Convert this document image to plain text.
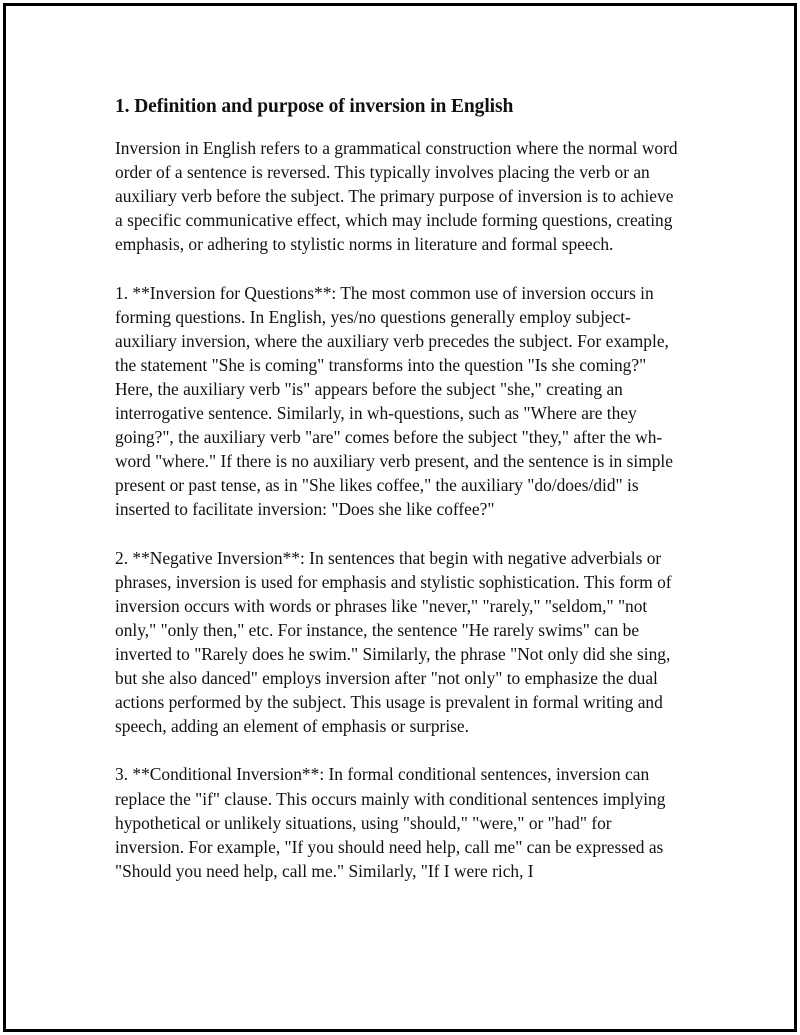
1. Definition and purpose of inversion in English

Inversion in English refers to a grammatical construction where the normal word order of a sentence is reversed. This typically involves placing the verb or an auxiliary verb before the subject. The primary purpose of inversion is to achieve a specific communicative effect, which may include forming questions, creating emphasis, or adhering to stylistic norms in literature and formal speech.

1. **Inversion for Questions**: The most common use of inversion occurs in forming questions. In English, yes/no questions generally employ subject-auxiliary inversion, where the auxiliary verb precedes the subject. For example, the statement "She is coming" transforms into the question "Is she coming?" Here, the auxiliary verb "is" appears before the subject "she," creating an interrogative sentence. Similarly, in wh-questions, such as "Where are they going?", the auxiliary verb "are" comes before the subject "they," after the wh-word "where." If there is no auxiliary verb present, and the sentence is in simple present or past tense, as in "She likes coffee," the auxiliary "do/does/did" is inserted to facilitate inversion: "Does she like coffee?"

2. **Negative Inversion**: In sentences that begin with negative adverbials or phrases, inversion is used for emphasis and stylistic sophistication. This form of inversion occurs with words or phrases like "never," "rarely," "seldom," "not only," "only then," etc. For instance, the sentence "He rarely swims" can be inverted to "Rarely does he swim." Similarly, the phrase "Not only did she sing, but she also danced" employs inversion after "not only" to emphasize the dual actions performed by the subject. This usage is prevalent in formal writing and speech, adding an element of emphasis or surprise.

3. **Conditional Inversion**: In formal conditional sentences, inversion can replace the "if" clause. This occurs mainly with conditional sentences implying hypothetical or unlikely situations, using "should," "were," or "had" for inversion. For example, "If you should need help, call me" can be expressed as "Should you need help, call me." Similarly, "If I were rich, I
